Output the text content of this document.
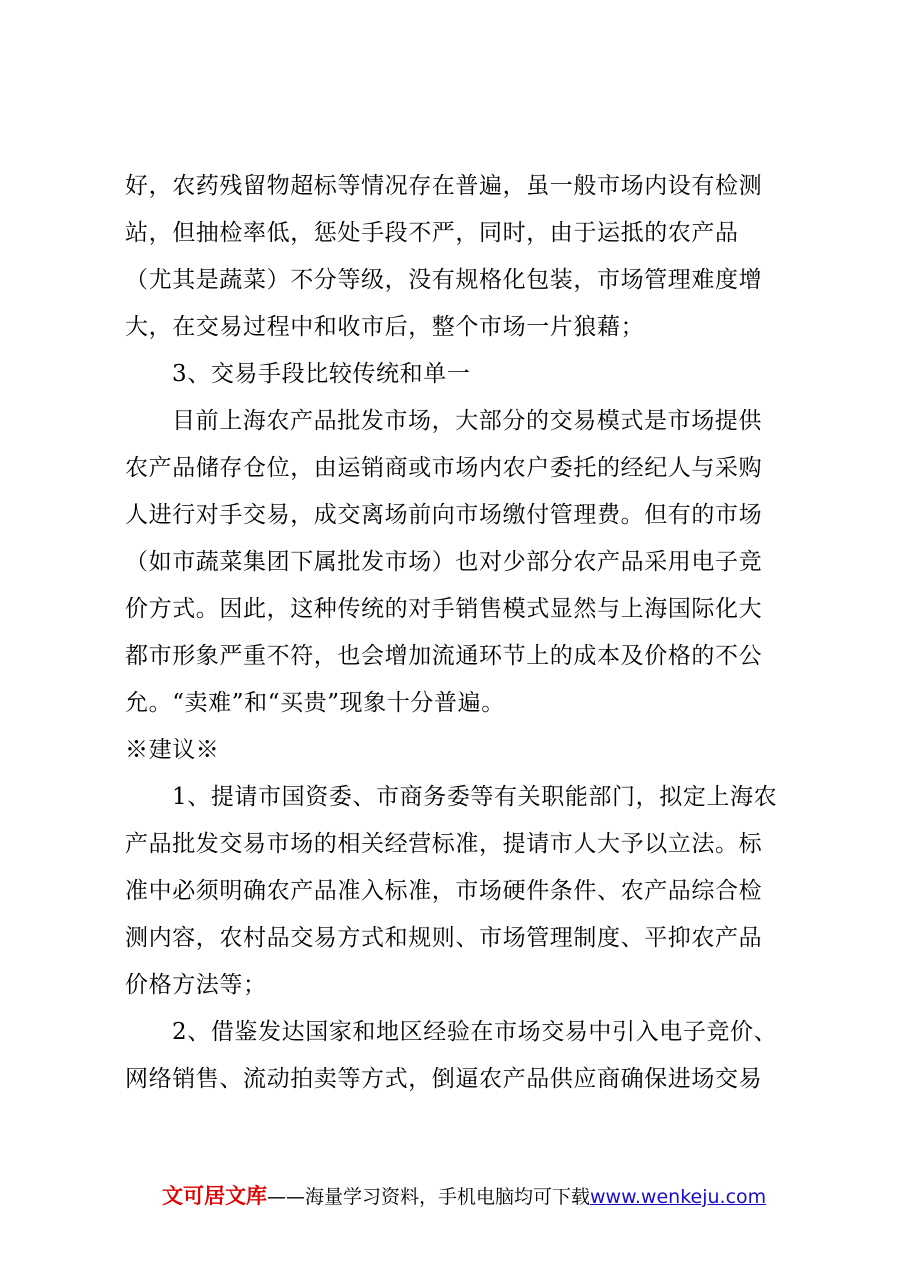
好，农药残留物超标等情况存在普遍，虽一般市场内设有检测
站，但抽检率低，惩处手段不严，同时，由于运抵的农产品
（尤其是蔬菜）不分等级，没有规格化包装，市场管理难度增
大，在交易过程中和收市后，整个市场一片狼藉；
3、交易手段比较传统和单一
目前上海农产品批发市场，大部分的交易模式是市场提供
农产品储存仓位，由运销商或市场内农户委托的经纪人与采购
人进行对手交易，成交离场前向市场缴付管理费。但有的市场
（如市蔬菜集团下属批发市场）也对少部分农产品采用电子竞
价方式。因此，这种传统的对手销售模式显然与上海国际化大
都市形象严重不符，也会增加流通环节上的成本及价格的不公
允。“卖难”和“买贵”现象十分普遍。
※建议※
1、提请市国资委、市商务委等有关职能部门，拟定上海农
产品批发交易市场的相关经营标准，提请市人大予以立法。标
准中必须明确农产品准入标准，市场硬件条件、农产品综合检
测内容，农村品交易方式和规则、市场管理制度、平抑农产品
价格方法等；
2、借鉴发达国家和地区经验在市场交易中引入电子竞价、
网络销售、流动拍卖等方式，倒逼农产品供应商确保进场交易
文可居文库——海量学习资料，手机电脑均可下载www.wenkeju.com
